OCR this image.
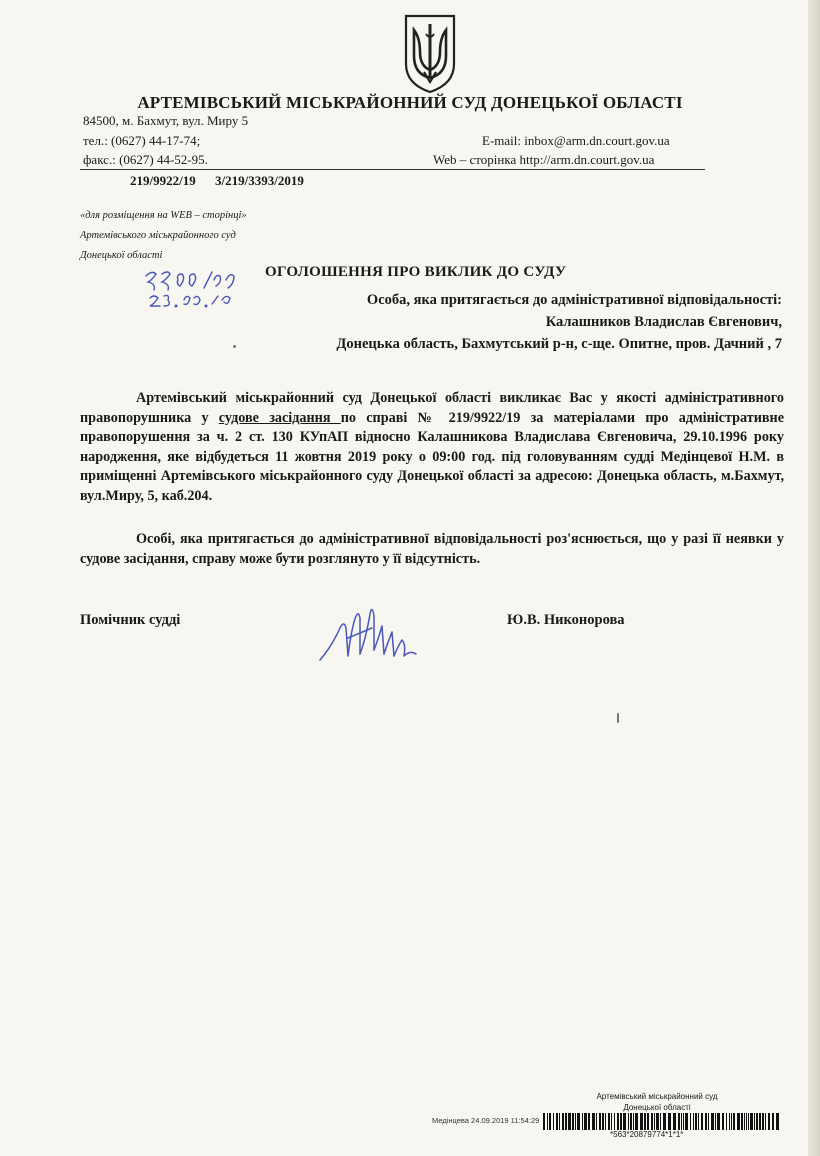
АРТЕМІВСЬКИЙ МІСЬКРАЙОННИЙ СУД ДОНЕЦЬКОЇ ОБЛАСТІ
84500, м. Бахмут, вул. Миру 5
тел.: (0627) 44-17-74;
факс.: (0627) 44-52-95.
E-mail: inbox@arm.dn.court.gov.ua
Web – сторінка http://arm.dn.court.gov.ua
219/9922/19 3/219/3393/2019
«для розміщення на WEB – сторінці»
Артемівського міськрайонного суд
Донецької області
ОГОЛОШЕННЯ ПРО ВИКЛИК ДО СУДУ
Особа, яка притягається до адміністративної відповідальності:
Калашников Владислав Євгенович,
Донецька область, Бахмутський р-н, с-ще. Опитне, пров. Дачний , 7
Артемівський міськрайонний суд Донецької області викликає Вас у якості адміністративного правопорушника у судове засідання по справі № 219/9922/19 за матеріалами про адміністративне правопорушення за ч. 2 ст. 130 КУпАП відносно Калашникова Владислава Євгеновича, 29.10.1996 року народження, яке відбудеться 11 жовтня 2019 року о 09:00 год. під головуванням судді Медінцевої Н.М. в приміщенні Артемівського міськрайонного суду Донецької області за адресою: Донецька область, м.Бахмут, вул.Миру, 5, каб.204.
Особі, яка притягається до адміністративної відповідальності роз'яснюється, що у разі її неявки у судове засідання, справу може бути розглянуто у її відсутність.
Помічник судді	Ю.В. Никонорова
Артемівський міськрайонний суд
Донецької області
Медінцева 24.09.2019 11:54:29
*563*20879774*1*1*
